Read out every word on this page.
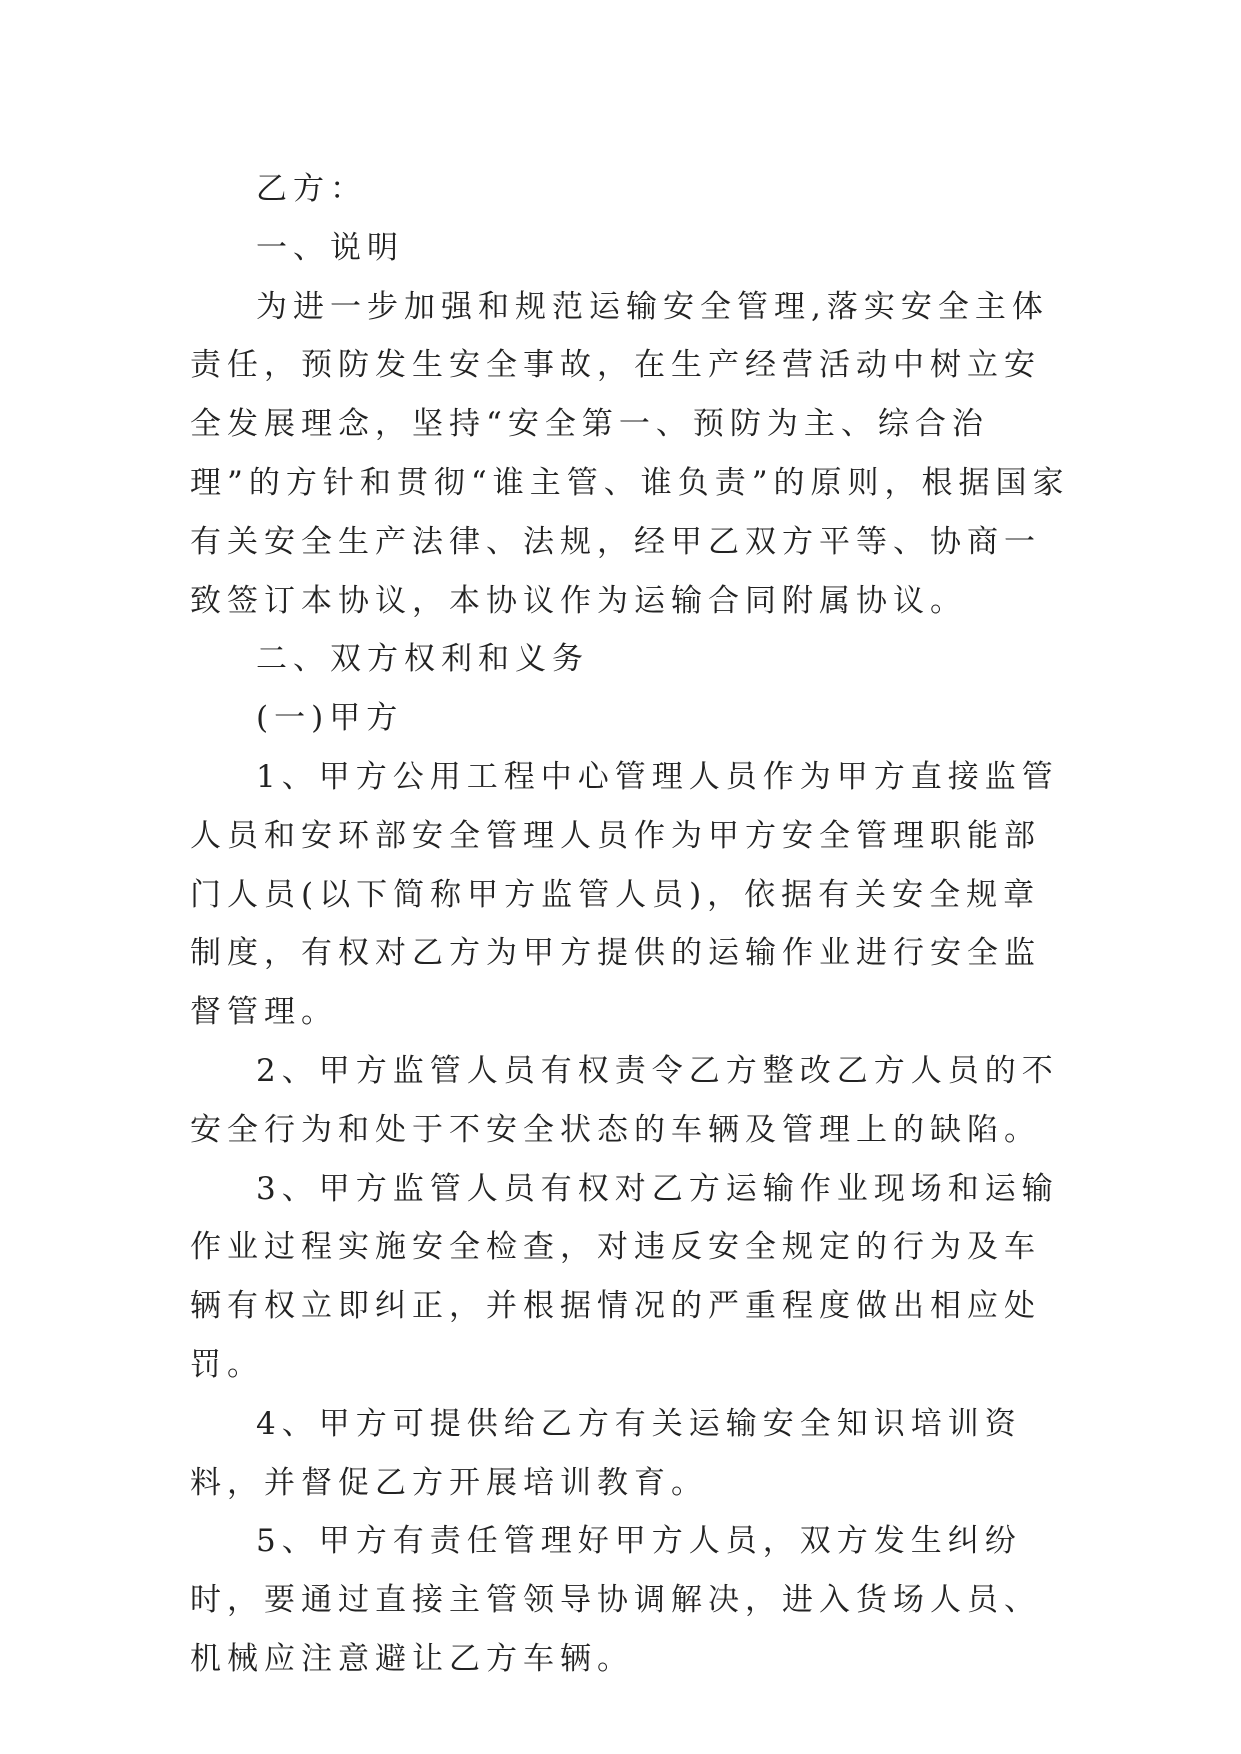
乙方：

一、说明

为进一步加强和规范运输安全管理,落实安全主体责任，预防发生安全事故，在生产经营活动中树立安全发展理念，坚持“安全第一、预防为主、综合治理”的方针和贯彻“谁主管、谁负责”的原则，根据国家有关安全生产法律、法规，经甲乙双方平等、协商一致签订本协议，本协议作为运输合同附属协议。

二、双方权利和义务

(一)甲方

1、甲方公用工程中心管理人员作为甲方直接监管人员和安环部安全管理人员作为甲方安全管理职能部门人员(以下简称甲方监管人员)，依据有关安全规章制度，有权对乙方为甲方提供的运输作业进行安全监督管理。

2、甲方监管人员有权责令乙方整改乙方人员的不安全行为和处于不安全状态的车辆及管理上的缺陷。

3、甲方监管人员有权对乙方运输作业现场和运输作业过程实施安全检查，对违反安全规定的行为及车辆有权立即纠正，并根据情况的严重程度做出相应处罚。

4、甲方可提供给乙方有关运输安全知识培训资料，并督促乙方开展培训教育。

5、甲方有责任管理好甲方人员，双方发生纠纷时，要通过直接主管领导协调解决，进入货场人员、机械应注意避让乙方车辆。
